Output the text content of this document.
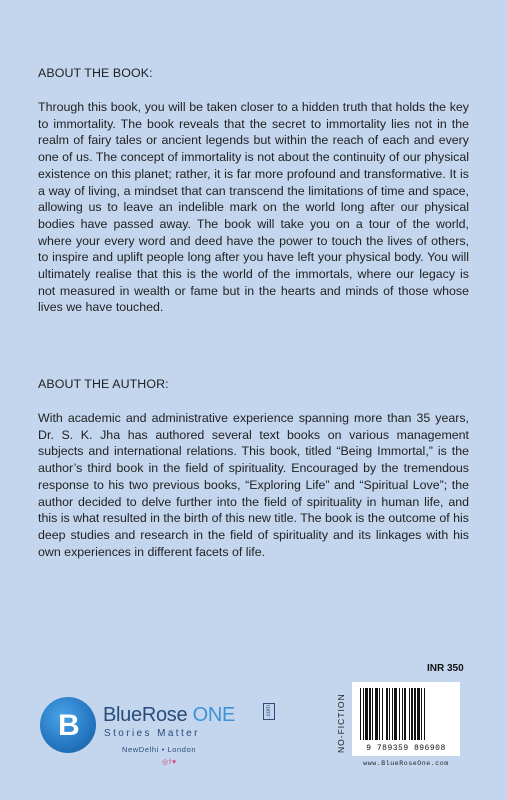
ABOUT THE BOOK:

Through this book, you will be taken closer to a hidden truth that holds the key to immortality. The book reveals that the secret to immortality lies not in the realm of fairy tales or ancient legends but within the reach of each and every one of us. The concept of immortality is not about the continuity of our physical existence on this planet; rather, it is far more profound and transformative. It is a way of living, a mindset that can transcend the limitations of time and space, allowing us to leave an indelible mark on the world long after our physical bodies have passed away. The book will take you on a tour of the world, where your every word and deed have the power to touch the lives of others, to inspire and uplift people long after you have left your physical body. You will ultimately realise that this is the world of the immortals, where our legacy is not measured in wealth or fame but in the hearts and minds of those whose lives we have touched.

ABOUT THE AUTHOR:

With academic and administrative experience spanning more than 35 years, Dr. S. K. Jha has authored several text books on various management subjects and international relations. This book, titled “Being Immortal,” is the author’s third book in the field of spirituality. Encouraged by the tremendous response to his two previous books, “Exploring Life” and “Spiritual Love”; the author decided to delve further into the field of spirituality in human life, and this is what resulted in the birth of this new title. The book is the outcome of his deep studies and research in the field of spirituality and its linkages with his own experiences in different facets of life.

B BlueRose ONE	.com
Stories Matter
NewDelhi • London
◎f♥
INR 350
NO-FICTION	9 789359 896908
www.BlueRoseOne.com
